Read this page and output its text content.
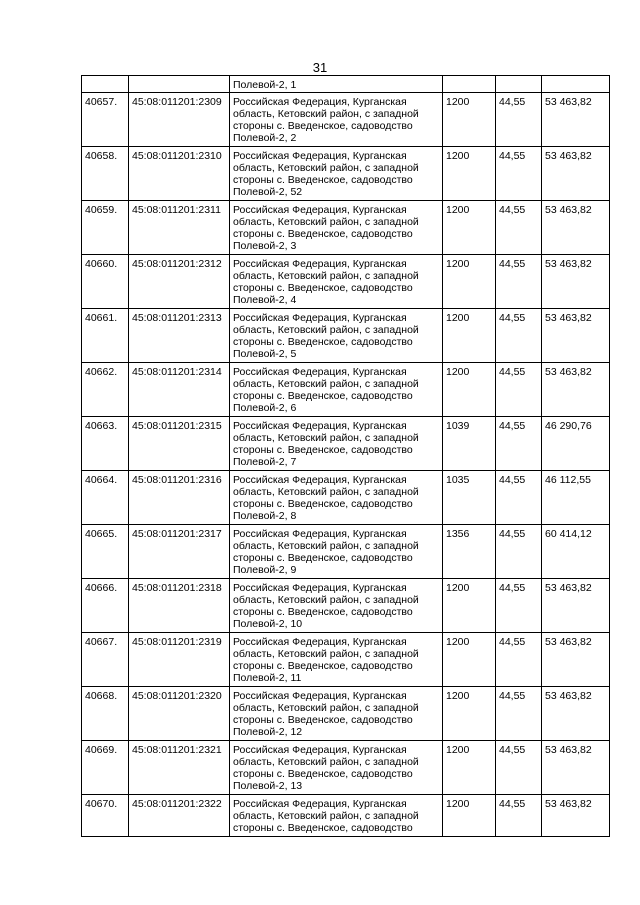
31

		Полевой-2, 1			

40657.	45:08:011201:2309	Российская Федерация, Курганская
область, Кетовский район, с западной
стороны с. Введенское, садоводство
Полевой-2, 2	1200	44,55	53 463,82
40658.	45:08:011201:2310	Российская Федерация, Курганская
область, Кетовский район, с западной
стороны с. Введенское, садоводство
Полевой-2, 52	1200	44,55	53 463,82
40659.	45:08:011201:2311	Российская Федерация, Курганская
область, Кетовский район, с западной
стороны с. Введенское, садоводство
Полевой-2, 3	1200	44,55	53 463,82
40660.	45:08:011201:2312	Российская Федерация, Курганская
область, Кетовский район, с западной
стороны с. Введенское, садоводство
Полевой-2, 4	1200	44,55	53 463,82
40661.	45:08:011201:2313	Российская Федерация, Курганская
область, Кетовский район, с западной
стороны с. Введенское, садоводство
Полевой-2, 5	1200	44,55	53 463,82
40662.	45:08:011201:2314	Российская Федерация, Курганская
область, Кетовский район, с западной
стороны с. Введенское, садоводство
Полевой-2, 6	1200	44,55	53 463,82
40663.	45:08:011201:2315	Российская Федерация, Курганская
область, Кетовский район, с западной
стороны с. Введенское, садоводство
Полевой-2, 7	1039	44,55	46 290,76
40664.	45:08:011201:2316	Российская Федерация, Курганская
область, Кетовский район, с западной
стороны с. Введенское, садоводство
Полевой-2, 8	1035	44,55	46 112,55
40665.	45:08:011201:2317	Российская Федерация, Курганская
область, Кетовский район, с западной
стороны с. Введенское, садоводство
Полевой-2, 9	1356	44,55	60 414,12
40666.	45:08:011201:2318	Российская Федерация, Курганская
область, Кетовский район, с западной
стороны с. Введенское, садоводство
Полевой-2, 10	1200	44,55	53 463,82
40667.	45:08:011201:2319	Российская Федерация, Курганская
область, Кетовский район, с западной
стороны с. Введенское, садоводство
Полевой-2, 11	1200	44,55	53 463,82
40668.	45:08:011201:2320	Российская Федерация, Курганская
область, Кетовский район, с западной
стороны с. Введенское, садоводство
Полевой-2, 12	1200	44,55	53 463,82
40669.	45:08:011201:2321	Российская Федерация, Курганская
область, Кетовский район, с западной
стороны с. Введенское, садоводство
Полевой-2, 13	1200	44,55	53 463,82
40670.	45:08:011201:2322	Российская Федерация, Курганская
область, Кетовский район, с западной
стороны с. Введенское, садоводство	1200	44,55	53 463,82
